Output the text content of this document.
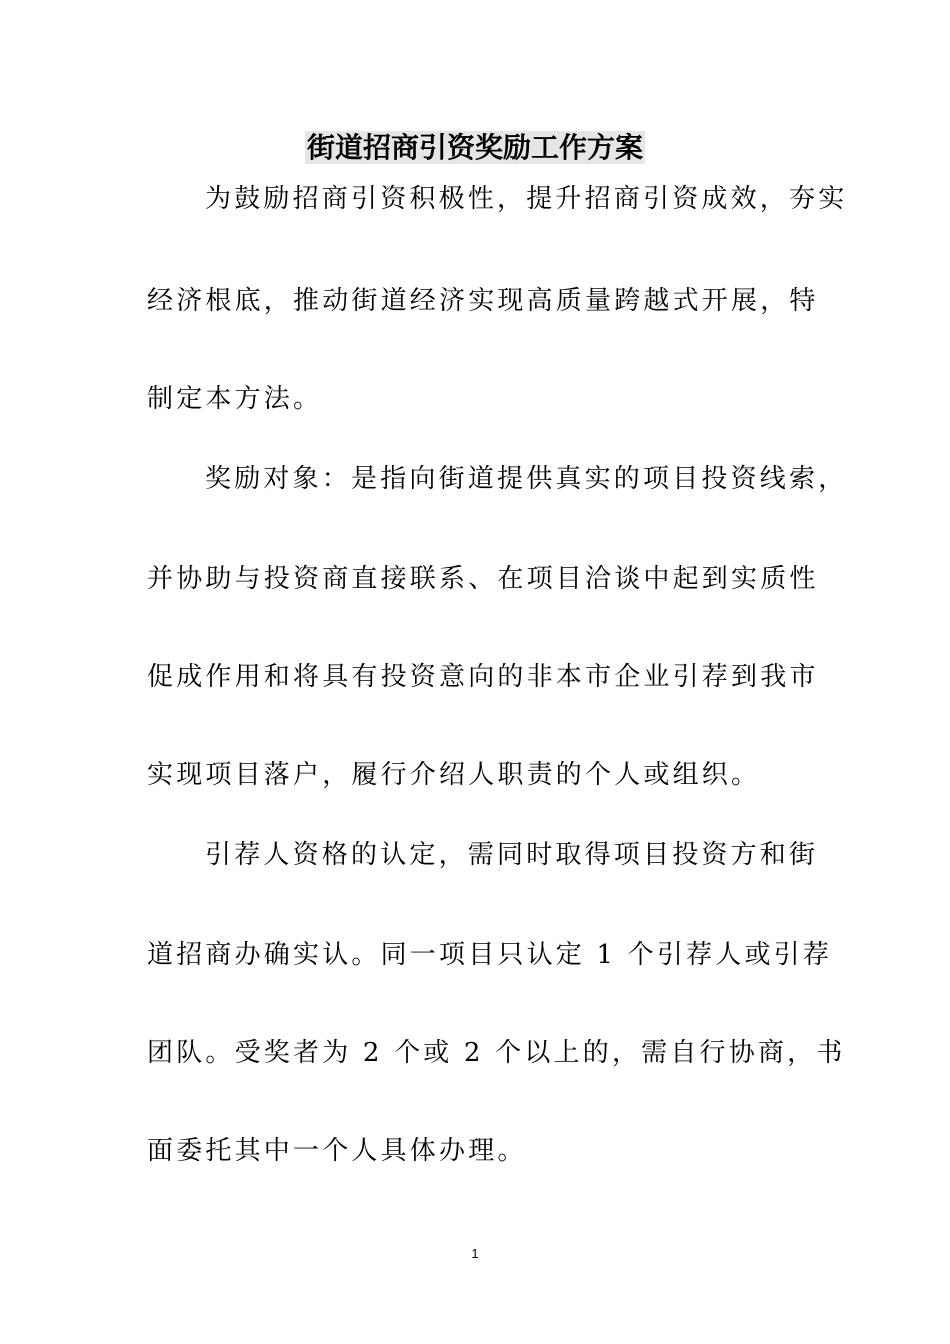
街道招商引资奖励工作方案

为鼓励招商引资积极性，提升招商引资成效，夯实

经济根底，推动街道经济实现高质量跨越式开展，特

制定本方法。

奖励对象：是指向街道提供真实的项目投资线索，

并协助与投资商直接联系、在项目洽谈中起到实质性

促成作用和将具有投资意向的非本市企业引荐到我市

实现项目落户，履行介绍人职责的个人或组织。

引荐人资格的认定，需同时取得项目投资方和街

道招商办确实认。同一项目只认定 1 个引荐人或引荐

团队。受奖者为 2 个或 2 个以上的，需自行协商，书

面委托其中一个人具体办理。

1
